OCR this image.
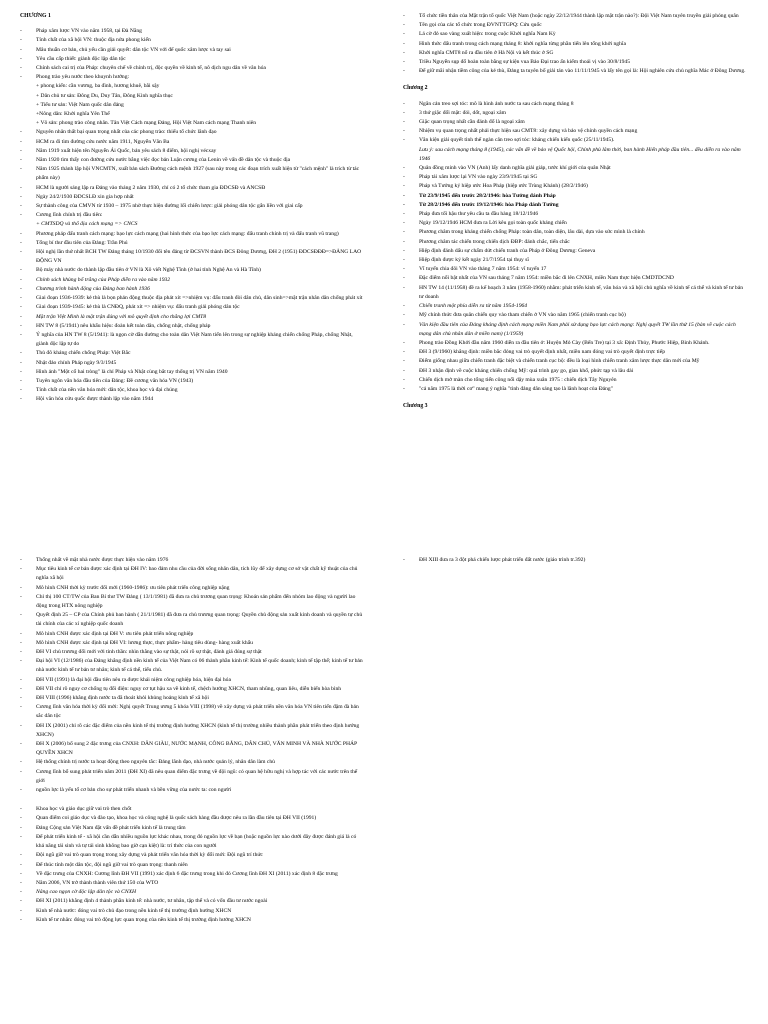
CHƯƠNG 1
- Pháp xâm lược VN vào năm 1958, tại Đà Nẵng
- Tính chất của xã hội VN: thuộc địa nửa phong kiến
- Mâu thuẫn cơ bản, chủ yếu cần giải quyết: dân tộc VN với đế quốc xâm lược và tay sai
- Yêu cầu cấp thiết: giành độc lập dân tộc
- Chính sách cai trị của Pháp: chuyên chế về chính trị, độc quyền về kinh tế, nô dịch ngu dân về văn hóa
- Phong trào yêu nước theo khuynh hướng:
+ phong kiến: cần vương, ba đình, hương khuê, bãi sậy
+ Dân chủ tư sản: Đông Du, Duy Tân, Đông Kinh nghĩa thục
+ Tiểu tư sản: Việt Nam quốc dân đảng
+Nông dân: Khởi nghĩa Yên Thế
+ Vô sản: phong trào công nhân. Tân Việt Cách mạng Đảng, Hội Việt Nam cách mạng Thanh niên
- Nguyên nhân thất bại quan trọng nhất của các phong trào: thiếu tổ chức lãnh đạo
- HCM ra đi tìm đường cứu nước năm 1911, Nguyễn Văn Ba
- Năm 1919 xuất hiện tên Nguyễn Ái Quốc, bản yêu sách 8 điểm, hội nghị vécxay
- Năm 1920 tìm thấy con đường cứu nước bằng việc đọc bản Luận cương của Lenin về vấn đề dân tộc và thuộc địa
- Năm 1925 thành lập hội VNCMTN, xuất bản sách Đường cách mệnh 1927 (sau này trong các đoạn trích xuất hiện từ "cách mệnh" là trích từ tác phẩm này)
- HCM là người sáng lập ra Đảng vào tháng 2 năm 1930, chỉ có 2 tổ chức tham gia ĐDCSĐ và ANCSĐ
- Ngày 24/2/1930 ĐDCSLĐ xin gia hợp nhất
- Sự thành công của CMVN từ 1930 – 1975 nhờ thực hiện đường lối chiến lược: giải phóng dân tộc gắn liền với giai cấp
- Cương lĩnh chính trị đầu tiên:
+ CMTSDQ và thổ địa cách mạng => CNCS
- Phương pháp đấu tranh cách mạng: bạo lực cách mạng (hai hình thức của bạo lực cách mạng: đấu tranh chính trị và đấu tranh vũ trang)
- Tổng bí thư đầu tiên của Đảng: Trần Phú
- Hội nghị lần thứ nhất BCH TW Đảng tháng 10/1930 đổi tên đảng từ ĐCSVN thành ĐCS Đông Dương, ĐH 2 (1951) ĐDCSĐĐĐ=>ĐẢNG LAO ĐỘNG VN
- Bộ máy nhà nước do thành lập đầu tiên ở VN là Xô viết Nghệ Tĩnh (ở hai tỉnh Nghệ An và Hà Tĩnh)
- Chính sách khủng bố trắng của Pháp diễn ra vào năm 1932
- Chương trình hành động của Đảng ban hành 1936
- Giai đoạn 1936-1939: kẻ thù là bọn phản động thuộc địa phát xít =>nhiệm vụ: đấu tranh đòi dân chủ, dân sinh=>mặt trận nhân dân chống phát xít
- Giai đoạn 1939-1945: kẻ thù là CNĐQ, phát xít => nhiệm vụ: đấu tranh giải phóng dân tộc
- Mặt trận Việt Minh là mặt trận đúng với mô quyết định cho thắng lợi CMT8
- HN TW 8 (5/1941) nêu khẩu hiệu: đoàn kết toàn dân, chống nhật, chống pháp
- Ý nghĩa của HN TW 8 (5/1941): là ngọn cờ dẫn đường cho toàn dân Việt Nam tiến lên trong sự nghiệp kháng chiến chống Pháp, chống Nhật, giành độc lập tự do
- Thủ đô kháng chiến chống Pháp: Việt Bắc
- Nhật đảo chính Pháp ngày 9/3/1945
- Hình ảnh "Một cổ hai tròng" là chỉ Pháp và Nhật cùng bắt tay thống trị VN năm 1940
- Tuyên ngôn văn hóa đầu tiên của Đảng: Đề cương văn hóa VN (1943)
- Tính chất của nền văn hóa mới: dân tộc, khoa học và đại chúng
- Hội văn hóa cứu quốc được thành lập vào năm 1944
- Tổ chức tiền thân của Mặt trận tổ quốc Việt Nam (hoặc ngày 22/12/1944 thành lập mặt trận nào?): Đội Việt Nam tuyên truyền giải phóng quân
- Tên gọi của các tổ chức trong ĐVNTTGPQ: Cứu quốc
- Lá cờ đỏ sao vàng xuất hiện: trong cuộc Khởi nghĩa Nam Kỳ
- Hình thức đấu tranh trong cách mạng tháng 8: khởi nghĩa từng phần tiến lên tổng khởi nghĩa
- Khởi nghĩa CMT8 nổ ra đầu tiên ở Hà Nội và kết thúc ở SG
- Triều Nguyễn sụp đổ hoàn toàn bằng sự kiện vua Bảo Đại trao ấn kiếm thoái vị vào 30/8/1945
- Để giữ mãi nhận tiềm công của kẻ thù, Đảng ta tuyên bố giải tán vào 11/11/1945 và lấy tên gọi là: Hội nghiên cứu chủ nghĩa Mác ở Đông Dương.
Chương 2
- Ngăn cản treo sợi tóc: mô là hình ảnh nước ta sau cách mạng tháng 8
- 3 thứ giặc đối mặt: đói, dốt, ngoại xâm
- Giặc quan trọng nhất cần đánh đổ là ngoại xâm
- Nhiệm vụ quan trọng nhất phải thực hiện sau CMT8: xây dựng và bảo vệ chính quyền cách mạng
- Văn kiện giải quyết tình thế ngàn cân treo sợi tóc: kháng chiến kiến quốc (25/11/1945).
Lưu ý: sau cách mạng tháng 8 (1945), các vấn đề về bảo vệ Quốc hội, Chính phủ lâm thời, ban hành Hiến pháp đầu tiên... đều diễn ra vào năm 1946
- Quân đồng minh vào VN (Anh) lấy danh nghĩa giải giáp, tước khí giới của quân Nhật
- Pháp tái xâm lược lại VN vào ngày 23/9/1945 tại SG
- Pháp và Tưởng ký hiệp ước Hoa Pháp (hiệp ước Trùng Khánh) (28/2/1946)
- Từ 23/9/1945 đến trước 28/2/1946: hòa Tưởng đánh Pháp
- Từ 28/2/1946 đến trước 19/12/1946: hòa Pháp đánh Tưởng
- Pháp đưa tối hậu thư yêu cầu ta đầu hàng 18/12/1946
- Ngày 19/12/1946 HCM đưa ra Lời kêu gọi toàn quốc kháng chiến
- Phương châm trong kháng chiến chống Pháp: toàn dân, toàn diện, lâu dài, dựa vào sức mình là chính
- Phương châm tác chiến trong chiến dịch ĐBP: đánh chắc, tiến chắc
- Hiệp định đánh dấu sự chấm dứt chiến tranh của Pháp ở Đông Dương: Geneva
- Hiệp định được ký kết ngày 21/7/1954 tại thụy sĩ
- Vĩ tuyến chia đôi VN vào tháng 7 năm 1954: vĩ tuyến 17
- Đặc điểm nổi bật nhất của VN sau tháng 7 năm 1954: miền bắc đi lên CNXH, miền Nam thực hiện CMDTDCND
- HN TW 14 (11/1958) đề ra kế hoạch 3 năm (1958-1960) nhằm: phát triển kinh tế, văn hóa và xã hội chủ nghĩa về kinh tế cá thể và kinh tế tư bản tư doanh
- Chiến tranh một phía diễn ra từ năm 1954-1964
- Mỹ chính thức đưa quân chiến quy vào tham chiến ở VN vào năm 1965 (chiến tranh cục bộ)
- Văn kiện đầu tiên của Đảng kháng định cách mạng miền Nam phải sử dụng bạo lực cách mạng: Nghị quyết TW lần thứ 15 (bàn về cuộc cách mạng dân chủ nhân dân ở miền nam) (1/1959)
- Phong trào Đồng Khởi đầu năm 1960 diễn ra đầu tiên ở: Huyện Mỏ Cày (Bến Tre) tại 3 xã: Định Thủy, Phước Hiệp, Bình Khánh.
- ĐH 3 (9/1960) khẳng định: miền bắc đóng vai trò quyết định nhất, miền nam đóng vai trò quyết định trực tiếp
- Điểm giống nhau giữa chiến tranh đặc biệt và chiến tranh cục bộ: đều là loại hình chiến tranh xâm lược thực dân mới của Mỹ
- ĐH 3 nhận định về cuộc kháng chiến chống Mỹ: quá trình gay go, gian khổ, phức tạp và lâu dài
- Chiến dịch mở màn cho tổng tiến công nổi dậy mùa xuân 1975 : chiến dịch Tây Nguyên
- "cả năm 1975 là thời cơ" mang ý nghĩa "tình đảng dân sáng tạo là lãnh hoạt của Đảng"
Chương 3
- Thống nhất về mặt nhà nước được thực hiện vào năm 1976
- Mục tiêu kinh tế cơ bản được xác định tại ĐH IV: bao đảm nhu cầu của đời sống nhân dân, tích lũy để xây dựng cơ sở vật chất kỹ thuật của chủ nghĩa xã hội
- Mô hình CNH thời kỳ trước đổi mới (1960-1986): ưu tiên phát triển công nghiệp nặng
- Chỉ thị 100 CT/TW của Ban Bí thư TW Đảng ( 13/1/1981) đã đưa ra chủ trương quan trọng: Khoán sản phẩm đến nhóm lao động và người lao động trong HTX nông nghiệp
- Quyết định 25 – CP của Chính phủ ban hành ( 21/1/1981) đã đưa ra chủ trương quan trọng: Quyền chủ động sản xuất kinh doanh và quyền tự chủ tài chính của các xí nghiệp quốc doanh
- Mô hình CNH được xác định tại ĐH V: ưu tiên phát triển nông nghiệp
- Mô hình CNH được xác định tại ĐH VI: lương thực, thực phẩm- hàng tiêu dùng- hàng xuất khẩu
- ĐH VI chủ trương đổi mới với tinh thần: nhìn thẳng vào sự thật, nói rõ sự thật, đánh giá đúng sự thật
- Đại hội VI (12/1986) của Đảng khẳng định nền kinh tế của Việt Nam có 06 thành phần kinh tế: Kinh tế quốc doanh; kinh tế tập thể; kinh tế tư bản nhà nước kinh tế tư bản tư nhân; kinh tế cá thể, tiểu chủ.
- ĐH VII (1991) là đại hội đầu tiên nêu ra được khái niệm công nghiệp hóa, hiện đại hóa
- ĐH VII chỉ rõ nguy cơ chống tụ đổi điện: nguy cơ tụt hậu xa về kinh tế, chệch hướng XHCN, tham nhũng, quan liêu, diễn biến hòa bình
- ĐH VIII (1996) khẳng định nước ta đã thoát khỏi khủng hoảng kinh tế xã hội
- Cương lĩnh văn hóa thời kỳ đổi mới: Nghị quyết Trung ương 5 khóa VIII (1998) về xây dựng và phát triển nền văn hóa VN tiên tiến đậm đà bản sắc dân tộc
- ĐH IX (2001) chỉ rõ các đặc điểm của nền kinh tế thị trường định hướng XHCN (kinh tế thị trường nhiều thành phần phát triển theo định hướng XHCN)
- ĐH X (2006) bổ sung 2 đặc trưng của CNXH: DÂN GIÀU, NƯỚC MẠNH, CÔNG BẰNG, DÂN CHỦ, VĂN MINH VÀ NHÀ NƯỚC PHÁP QUYỀN XHCN
- Hệ thống chính trị nước ta hoạt động theo nguyên tắc: Đảng lãnh đạo, nhà nước quản lý, nhân dân làm chủ
- Cương lĩnh bổ sung phát triển năm 2011 (ĐH XI) đã nêu quan điểm đặc trưng về đội ngũ: có quan hệ hữu nghị và hợp tác với các nước trên thế giới
- nguồn lực là yếu tố cơ bản cho sự phát triển nhanh và bền vững của nước ta: con người
- Khoa học và giáo dục giữ vai trò then chốt
- Quan điểm coi giáo dục và đào tạo, khoa học và công nghệ là quốc sách hàng đầu được nêu ra lần đầu tiên tại ĐH VII (1991)
- Đảng Cộng sản Việt Nam đặt vấn đề phát triển kinh tế là trung tâm
- Để phát triển kinh tế - xã hội cần dẫn nhiều nguồn lực khác nhau, trong đó nguồn lực về bạn (hoặc nguồn lực nào dưới đây được đánh giá là có khả năng tái sinh và tự tái sinh không bao giờ cạn kiệt) là: trí thức của con người
- Đội ngũ giữ vai trò quan trọng trong xây dựng và phát triển văn hóa thời kỳ đổi mới: Đội ngũ trí thức
- Để thúc tính một dân tộc, đội ngũ giữ vai trò quan trọng: thanh niên
- Về đặc trưng của CNXH: Cương lĩnh ĐH VII (1991) xác định 6 đặc trưng trong khi đó Cương lĩnh ĐH XI (2011) xác định 8 đặc trưng
- Năm 2006, VN trở thành thành viên thứ 150 của WTO
- Nâng cao ngọn cờ độc lập dân tộc và CNXH
- ĐH XI (2011) khẳng định 4 thành phần kinh tế: nhà nước, tư nhân, tập thể và có vốn đầu tư nước ngoài
- Kinh tế nhà nước: đóng vai trò chủ đạo trong nền kinh tế thị trường định hướng XHCN
- Kinh tế tư nhân: đóng vai trò động lực quan trọng của nền kinh tế thị trường định hướng XHCN
- ĐH XIII đưa ra 3 đột phá chiến lược phát triển đất nước (giáo trình tr.392)
